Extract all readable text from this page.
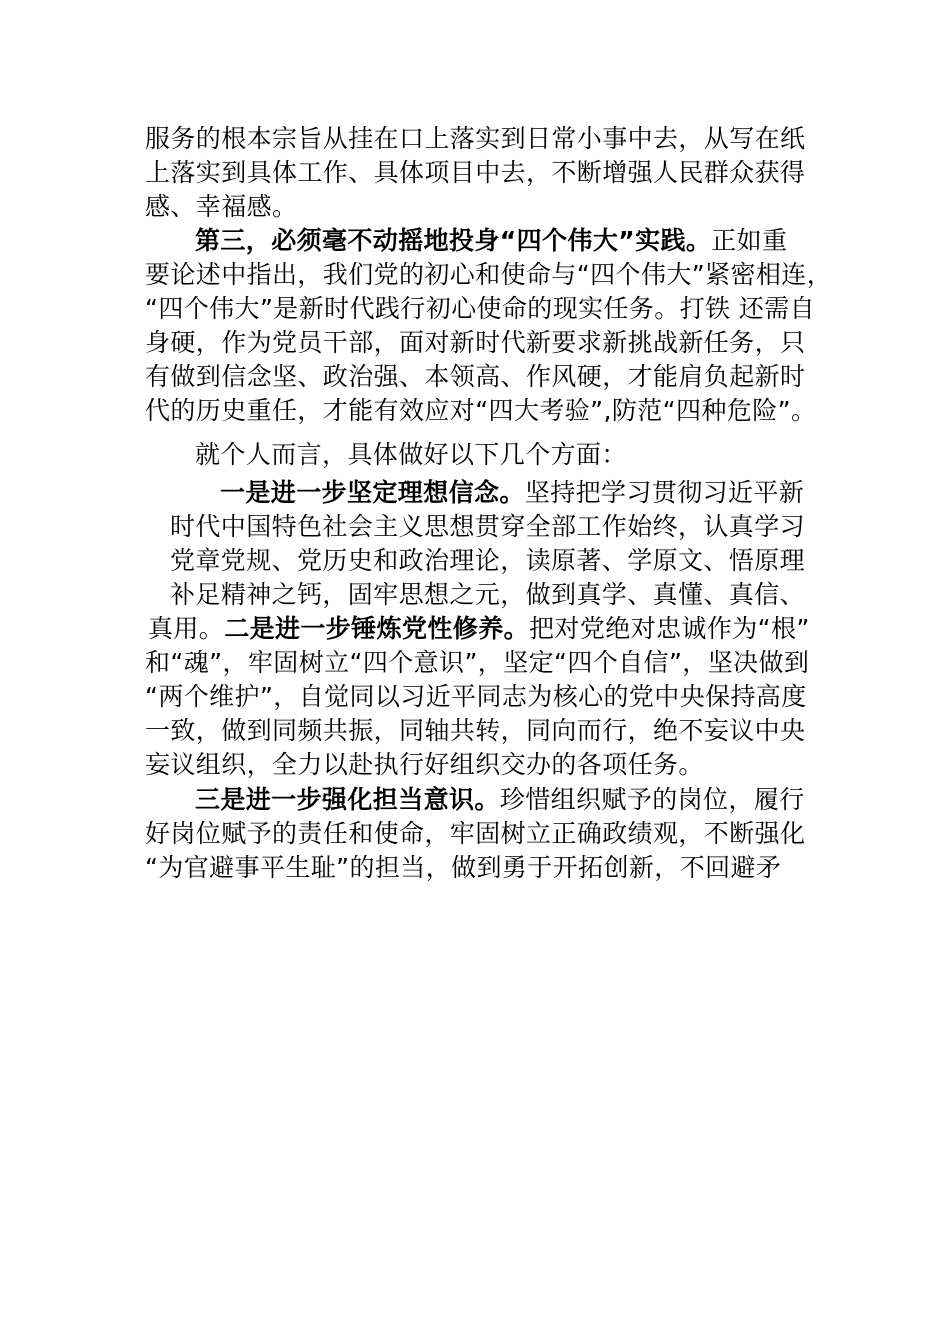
服务的根本宗旨从挂在口上落实到日常小事中去，从写在纸
上落实到具体工作、具体项目中去，不断增强人民群众获得
感、幸福感。
第三，必须毫不动摇地投身“四个伟大”实践。正如重
要论述中指出，我们党的初心和使命与“四个伟大”紧密相连，
“四个伟大”是新时代践行初心使命的现实任务。打铁 还需自
身硬，作为党员干部，面对新时代新要求新挑战新任务，只
有做到信念坚、政治强、本领高、作风硬，才能肩负起新时
代的历史重任，才能有效应对“四大考验”,防范“四种危险”。
就个人而言，具体做好以下几个方面：
一是进一步坚定理想信念。坚持把学习贯彻习近平新
时代中国特色社会主义思想贯穿全部工作始终，认真学习
党章党规、党历史和政治理论，读原著、学原文、悟原理
补足精神之钙，固牢思想之元，做到真学、真懂、真信、
真用。二是进一步锤炼党性修养。把对党绝对忠诚作为“根”
和“魂”，牢固树立“四个意识”，坚定“四个自信”，坚决做到
“两个维护”，自觉同以习近平同志为核心的党中央保持高度
一致，做到同频共振，同轴共转，同向而行，绝不妄议中央
妄议组织，全力以赴执行好组织交办的各项任务。
三是进一步强化担当意识。珍惜组织赋予的岗位，履行
好岗位赋予的责任和使命，牢固树立正确政绩观，不断强化
“为官避事平生耻”的担当，做到勇于开拓创新，不回避矛
